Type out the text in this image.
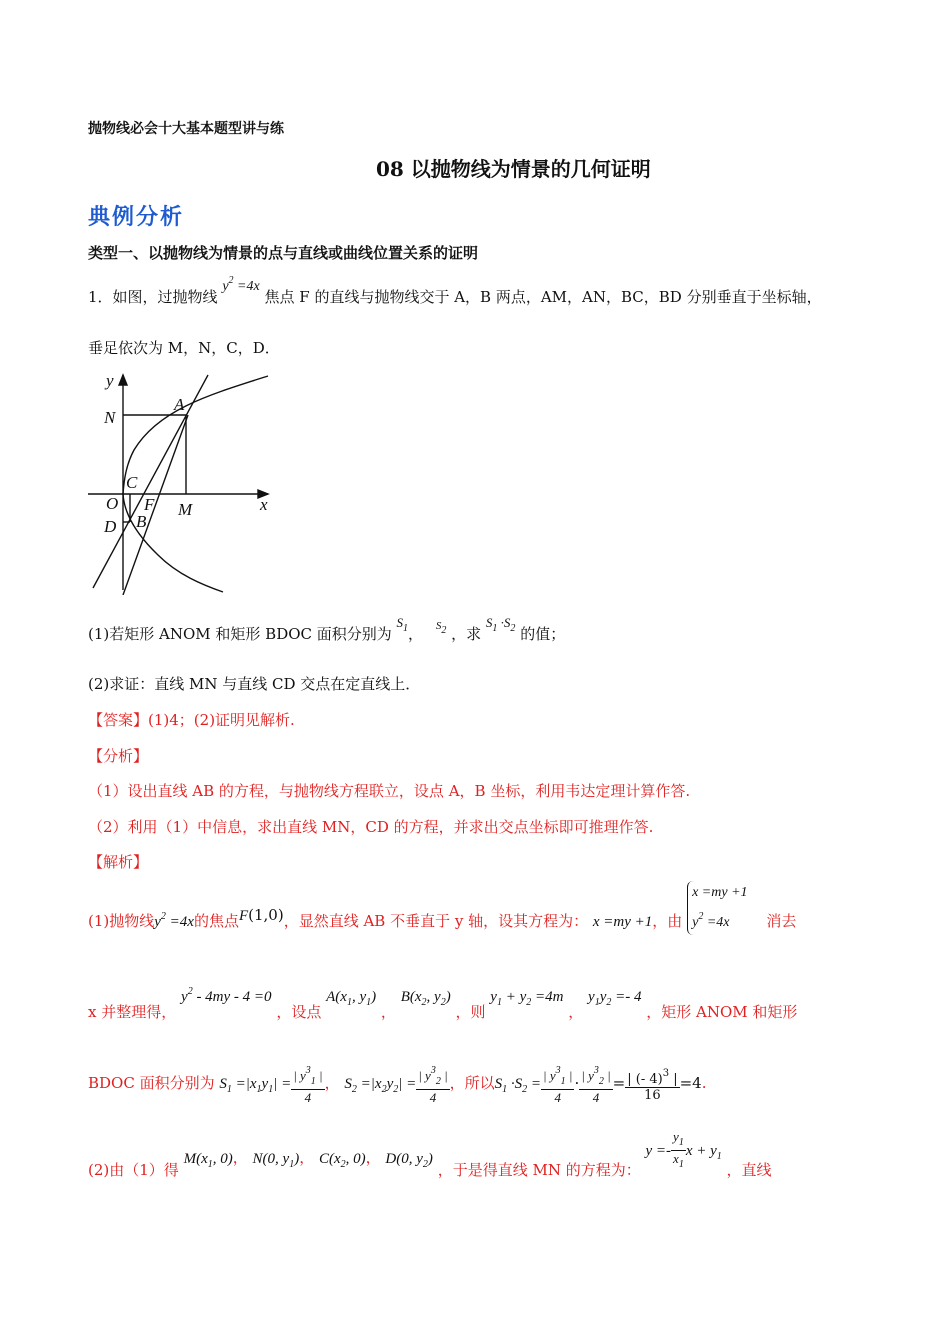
抛物线必会十大基本题型讲与练
08 以抛物线为情景的几何证明
典例分析
类型一、以抛物线为情景的点与直线或曲线位置关系的证明
1．如图，过抛物线 $y^2 =4x$ 焦点 F 的直线与抛物线交于 A，B 两点，AM，AN，BC，BD 分别垂直于坐标轴，
垂足依次为 M，N，C，D．
y
x
N
A
C
O F M
D B
(1)若矩形 ANOM 和矩形 BDOC 面积分别为 $S_1$， $^{S2}$ ，求 $S_1 \cdot S_2$ 的值；
(2)求证：直线 MN 与直线 CD 交点在定直线上．
【答案】(1)4；(2)证明见解析.
【分析】
（1）设出直线 AB 的方程，与抛物线方程联立，设点 A，B 坐标，利用韦达定理计算作答.
（2）利用（1）中信息，求出直线 MN，CD 的方程，并求出交点坐标即可推理作答.
【解析】
(1)抛物线$y^2 =4x$的焦点F(1,0)，显然直线 AB 不垂直于 y 轴，设其方程为： x =my +1，由 x =my +1
$y^2 =4x$ 消去
x 并整理得， $y^2 - 4my - 4 =0$ ，设点 $A(x_1$, $y_1$) ， $B(x_2$, $y_2$) ，则 $y_1 + y_2 =4m$ ， $y_1y_2 =- 4$ ，矩形 ANOM 和矩形
BDOC 面积分别为 $S_1 =|x_1y_1| = \frac{| y^3_1 |}{4}$ ， $S_2 =|x_2y_2| = \frac{| y^3_2 |}{4}$ ，所以$S_1 \cdot S_2 = \frac{| y^3_1 |}{4} \cdot \frac{| y^3_2 |}{4} = \frac{| (- 4)^3 |}{16} =4$.
(2)由（1）得 $M(x_1$, 0)， N(0, $y_1$)， $C(x_2$, 0)， D(0, $y_2$) ，于是得直线 MN 的方程为： $y =- \frac{y_1}{x_1}$ $x + y_1$ ，直线
